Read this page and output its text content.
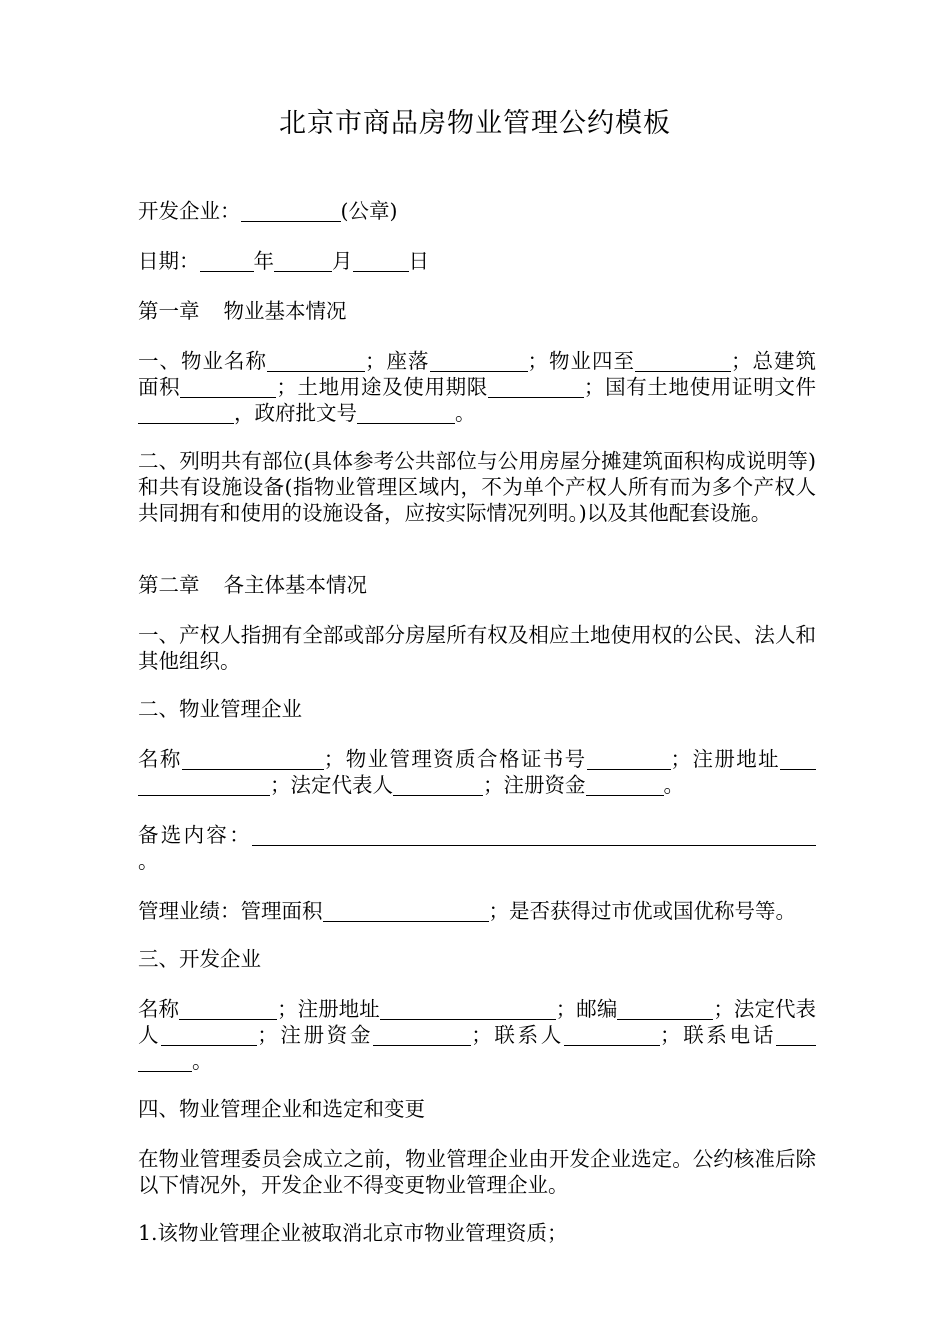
北京市商品房物业管理公约模板
开发企业：	(公章)
日期：	年	月	日
第一章 物业基本情况
一、物业名称	；座落	；物业四至	；总建筑面积	；土地用途及使用期限	；国有土地使用证明文件，政府批文号	。
二、列明共有部位(具体参考公共部位与公用房屋分摊建筑面积构成说明等)和共有设施设备(指物业管理区域内，不为单个产权人所有而为多个产权人共同拥有和使用的设施设备，应按实际情况列明。)以及其他配套设施。
第二章 各主体基本情况
一、产权人指拥有全部或部分房屋所有权及相应土地使用权的公民、法人和其他组织。
二、物业管理企业
名称	；物业管理资质合格证书号	；注册地址；法定代表人	；注册资金	。
备选内容：。
管理业绩：管理面积	；是否获得过市优或国优称号等。
三、开发企业
名称	；注册地址	；邮编	；法定代表人	；注册资金	；联系人	；联系电话。
四、物业管理企业和选定和变更
在物业管理委员会成立之前，物业管理企业由开发企业选定。公约核准后除以下情况外，开发企业不得变更物业管理企业。
1.该物业管理企业被取消北京市物业管理资质；
